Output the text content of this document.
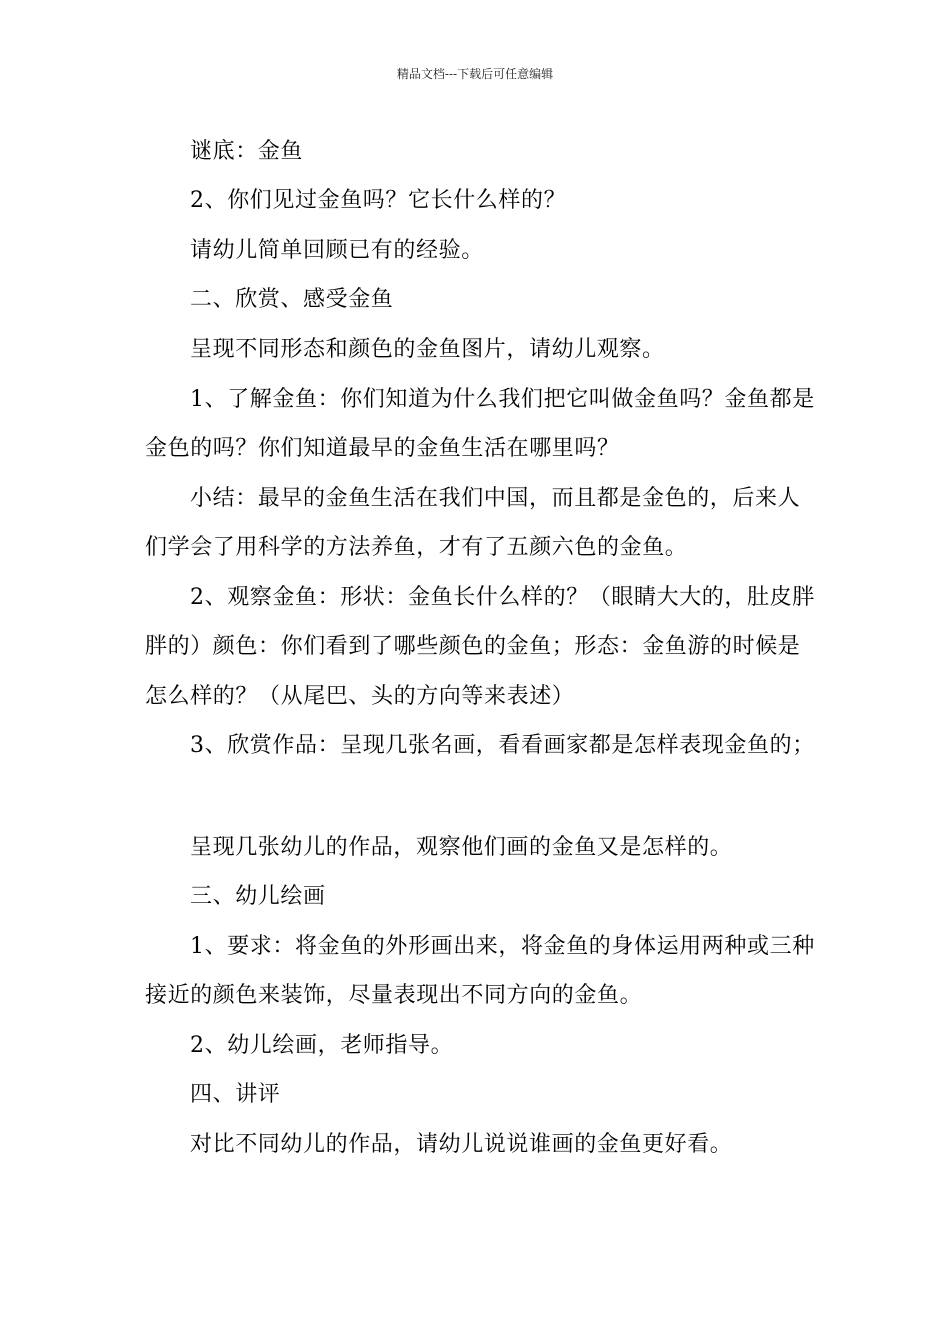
精品文档---下载后可任意编辑
谜底：金鱼
2、你们见过金鱼吗？它长什么样的？
请幼儿简单回顾已有的经验。
二、欣赏、感受金鱼
呈现不同形态和颜色的金鱼图片，请幼儿观察。
1、了解金鱼：你们知道为什么我们把它叫做金鱼吗？金鱼都是
金色的吗？你们知道最早的金鱼生活在哪里吗？
小结：最早的金鱼生活在我们中国，而且都是金色的，后来人
们学会了用科学的方法养鱼，才有了五颜六色的金鱼。
2、观察金鱼：形状：金鱼长什么样的？（眼睛大大的，肚皮胖
胖的）颜色：你们看到了哪些颜色的金鱼；形态：金鱼游的时候是
怎么样的？（从尾巴、头的方向等来表述）
3、欣赏作品：呈现几张名画，看看画家都是怎样表现金鱼的；
呈现几张幼儿的作品，观察他们画的金鱼又是怎样的。
三、幼儿绘画
1、要求：将金鱼的外形画出来，将金鱼的身体运用两种或三种
接近的颜色来装饰，尽量表现出不同方向的金鱼。
2、幼儿绘画，老师指导。
四、讲评
对比不同幼儿的作品，请幼儿说说谁画的金鱼更好看。
